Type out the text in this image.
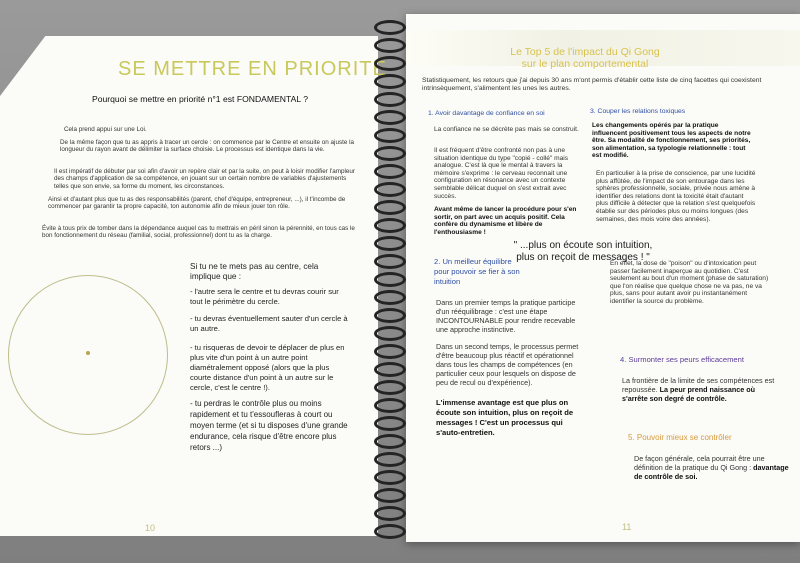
SE METTRE EN PRIORITÉ
Pourquoi se mettre en priorité n°1 est FONDAMENTAL ?
Cela prend appui sur une Loi.
De la même façon que tu as appris à tracer un cercle : on commence par le Centre et ensuite on ajuste la longueur du rayon avant de délimiter la surface choisie. Le processus est identique dans la vie.
Il est impératif de débuter par soi afin d'avoir un repère clair et par la suite, on peut à loisir modifier l'ampleur des champs d'application de sa compétence, en jouant sur un certain nombre de variables d'ajustements telles que son envie, sa forme du moment, les circonstances.
Ainsi et d'autant plus que tu as des responsabilités (parent, chef d'équipe, entrepreneur, ...), il t'incombe de commencer par garantir ta propre capacité, ton autonomie afin de mieux jouer ton rôle.
Évite à tous prix de tomber dans la dépendance auquel cas tu mettrais en péril sinon la pérennité, en tous cas le bon fonctionnement du réseau (familial, social, professionnel) dont tu as la charge.
Si tu ne te mets pas au centre, cela implique que :
- l'autre sera le centre et tu devras courir sur tout le périmètre du cercle.
- tu devras éventuellement sauter d'un cercle à un autre.
- tu risqueras de devoir te déplacer de plus en plus vite d'un point à un autre point diamétralement opposé (alors que la plus courte distance d'un point à un autre sur le cercle, c'est le centre !).
- tu perdras le contrôle plus ou moins rapidement et tu t'essoufleras à court ou moyen terme (et si tu disposes d'une grande endurance, cela risque d'être encore plus retors ...)
10
Le Top 5 de l'impact du Qi Gong
sur le plan comportemental
Statistiquement, les retours que j'ai depuis 30 ans m'ont permis d'établir cette liste de cinq facettes qui coexistent intrinsèquement, s'alimentent les unes les autres.
1. Avoir davantage de confiance en soi
La confiance ne se décrète pas mais se construit.
Il est fréquent d'être confronté non pas à une situation identique du type "copié - collé" mais analogue. C'est là que le mental à travers la mémoire s'exprime : le cerveau reconnait une configuration en résonance avec un contexte semblable délicat duquel on s'est extrait avec succès.
Avant même de lancer la procédure pour s'en sortir, on part avec un acquis positif. Cela confère du dynamisme et libère de l'enthousiasme !
" ...plus on écoute son intuition, plus on reçoit de messages ! "
2. Un meilleur équilibre pour pouvoir se fier à son intuition
Dans un premier temps la pratique participe d'un rééquilibrage : c'est une étape INCONTOURNABLE pour rendre recevable une approche instinctive.
Dans un second temps, le processus permet d'être beaucoup plus réactif et opérationnel dans tous les champs de compétences (en particulier ceux pour lesquels on dispose de peu de recul ou d'expérience).
L'immense avantage est que plus on écoute son intuition, plus on reçoit de messages ! C'est un processus qui s'auto-entretien.
3. Couper les relations toxiques
Les changements opérés par la pratique influencent positivement tous les aspects de notre être. Sa modalité de fonctionnement, ses priorités, son alimentation, sa typologie relationnelle : tout est modifié.
En particulier à la prise de conscience, par une lucidité plus affûtée, de l'impact de son entourage dans les sphères professionnelle, sociale, privée nous amène à identifier des relations dont la toxicité était d'autant plus difficile à détecter que la relation s'est quelquefois établie sur des périodes plus ou moins longues (des semaines, des mois voire des années).
En effet, la dose de "poison" ou d'intoxication peut passer facilement inaperçue au quotidien. C'est seulement au bout d'un moment (phase de saturation) que l'on réalise que quelque chose ne va pas, ne va plus, sans pour autant avoir pu instantanément identifier la source du problème.
4. Surmonter ses peurs efficacement
La frontière de la limite de ses compétences est repoussée. La peur prend naissance où s'arrête son degré de contrôle.
5. Pouvoir mieux se contrôler
De façon générale, cela pourrait être une définition de la pratique du Qi Gong : davantage de contrôle de soi.
11
